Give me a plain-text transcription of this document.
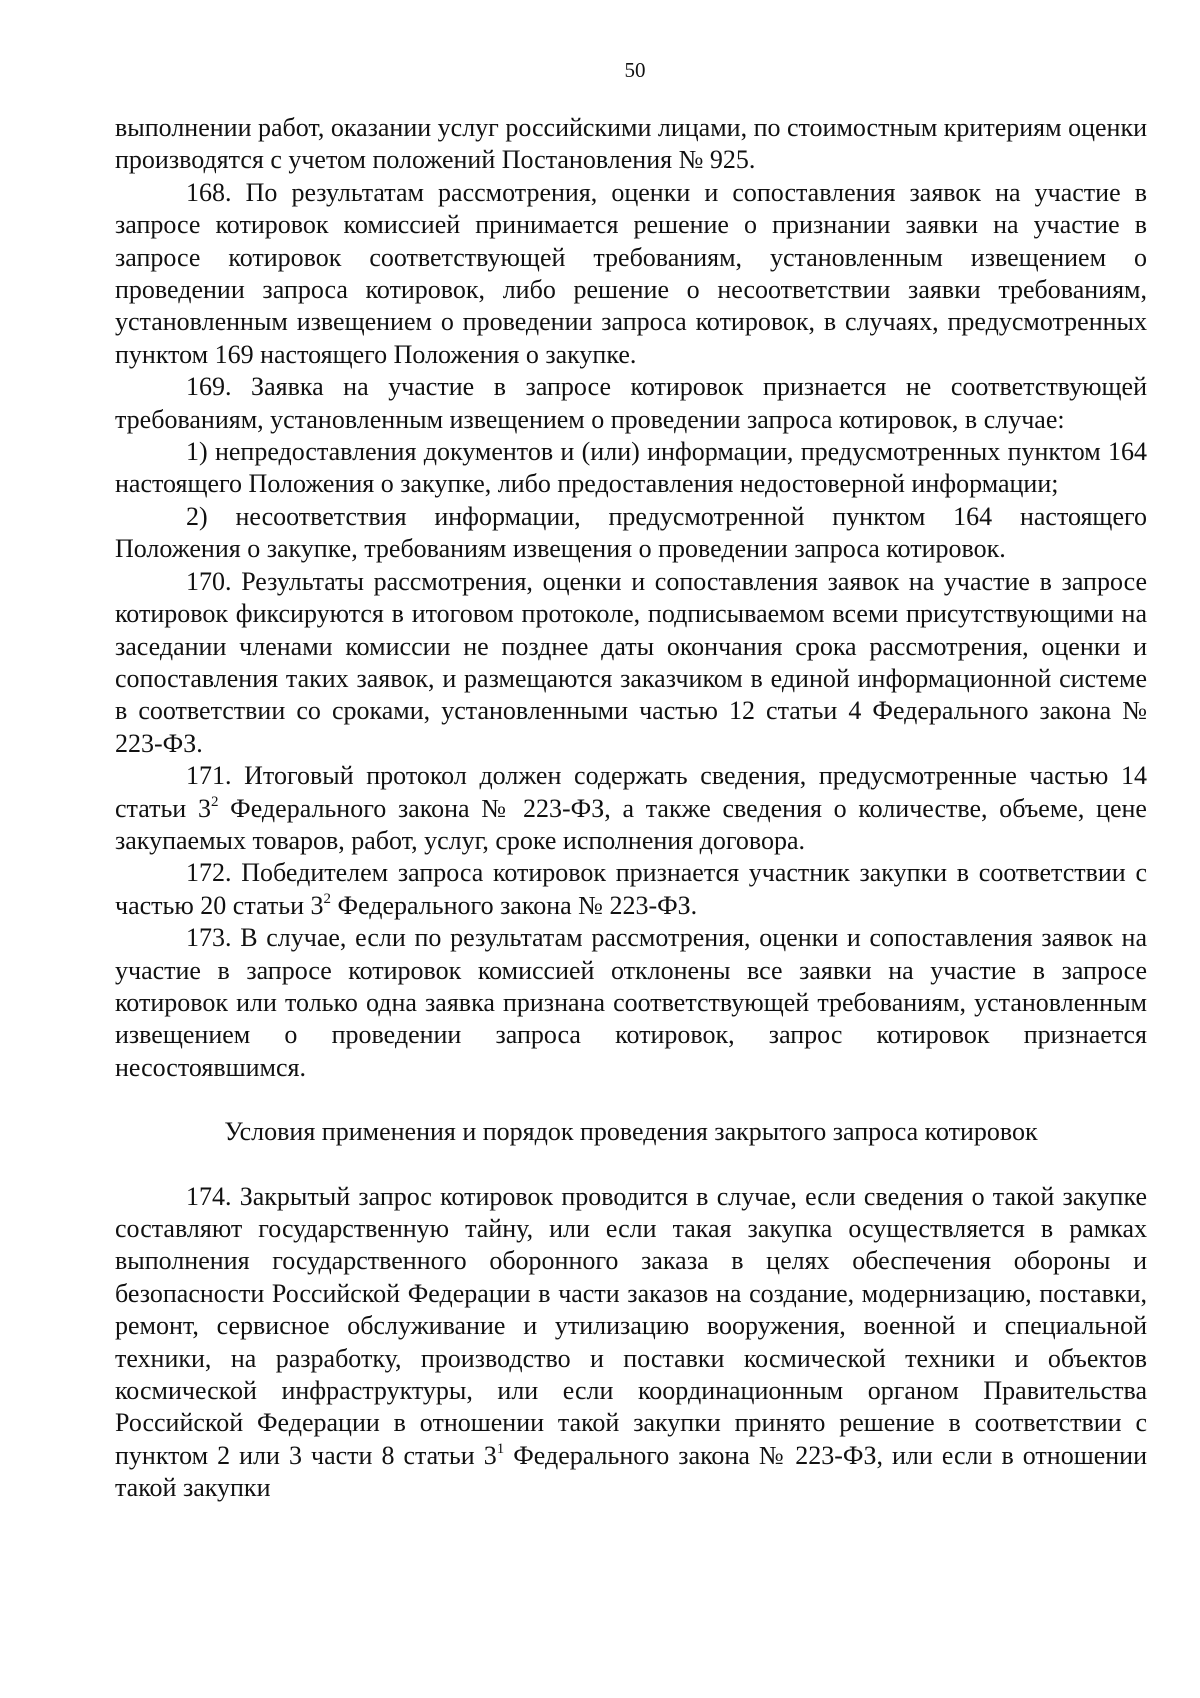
50

выполнении работ, оказании услуг российскими лицами, по стоимостным критериям оценки производятся с учетом положений Постановления № 925.

168. По результатам рассмотрения, оценки и сопоставления заявок на участие в запросе котировок комиссией принимается решение о признании заявки на участие в запросе котировок соответствующей требованиям, установленным извещением о проведении запроса котировок, либо решение о несоответствии заявки требованиям, установленным извещением о проведении запроса котировок, в случаях, предусмотренных пунктом 169 настоящего Положения о закупке.

169. Заявка на участие в запросе котировок признается не соответствующей требованиям, установленным извещением о проведении запроса котировок, в случае:

1) непредоставления документов и (или) информации, предусмотренных пунктом 164 настоящего Положения о закупке, либо предоставления недостоверной информации;

2) несоответствия информации, предусмотренной пунктом 164 настоящего Положения о закупке, требованиям извещения о проведении запроса котировок.

170. Результаты рассмотрения, оценки и сопоставления заявок на участие в запросе котировок фиксируются в итоговом протоколе, подписываемом всеми присутствующими на заседании членами комиссии не позднее даты окончания срока рассмотрения, оценки и сопоставления таких заявок, и размещаются заказчиком в единой информационной системе в соответствии со сроками, установленными частью 12 статьи 4 Федерального закона № 223-ФЗ.

171. Итоговый протокол должен содержать сведения, предусмотренные частью 14 статьи $3^2$ Федерального закона № 223-ФЗ, а также сведения о количестве, объеме, цене закупаемых товаров, работ, услуг, сроке исполнения договора.

172. Победителем запроса котировок признается участник закупки в соответствии с частью 20 статьи $3^2$ Федерального закона № 223-ФЗ.

173. В случае, если по результатам рассмотрения, оценки и сопоставления заявок на участие в запросе котировок комиссией отклонены все заявки на участие в запросе котировок или только одна заявка признана соответствующей требованиям, установленным извещением о проведении запроса котировок, запрос котировок признается несостоявшимся.

Условия применения и порядок проведения закрытого запроса котировок

174. Закрытый запрос котировок проводится в случае, если сведения о такой закупке составляют государственную тайну, или если такая закупка осуществляется в рамках выполнения государственного оборонного заказа в целях обеспечения обороны и безопасности Российской Федерации в части заказов на создание, модернизацию, поставки, ремонт, сервисное обслуживание и утилизацию вооружения, военной и специальной техники, на разработку, производство и поставки космической техники и объектов космической инфраструктуры, или если координационным органом Правительства Российской Федерации в отношении такой закупки принято решение в соответствии с пунктом 2 или 3 части 8 статьи $3^1$ Федерального закона № 223-ФЗ, или если в отношении такой закупки
